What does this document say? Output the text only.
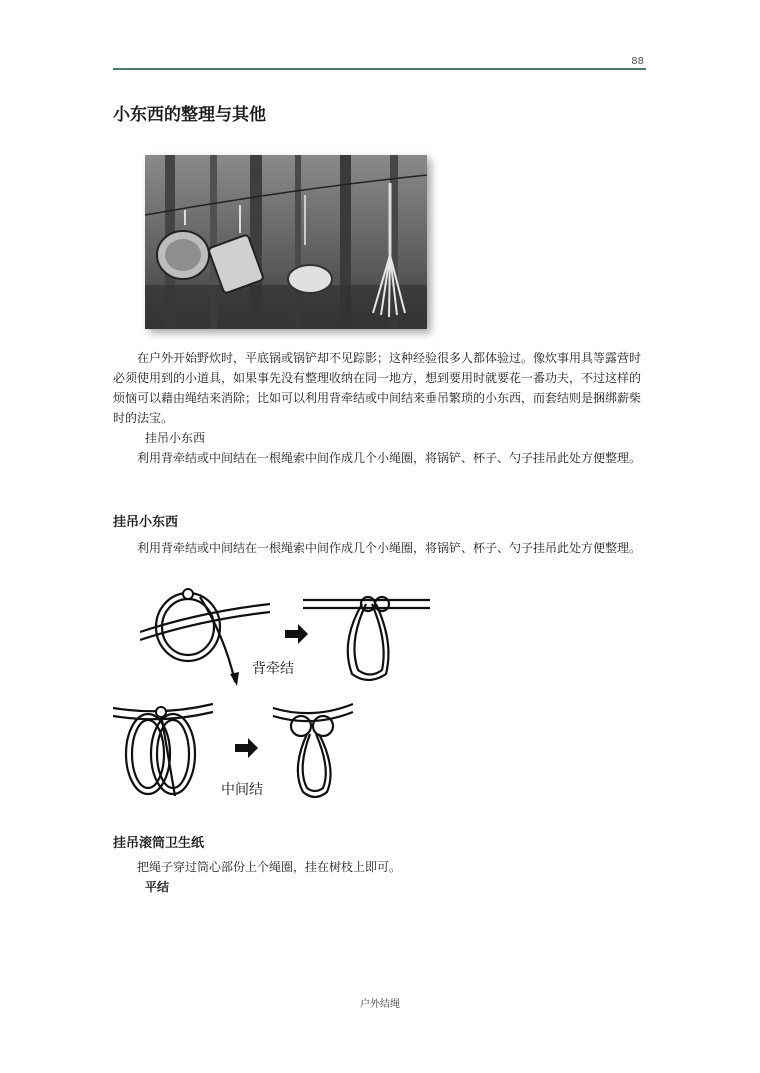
88
小东西的整理与其他

在户外开始野炊时，平底锅或锅铲却不见踪影；这种经验很多人都体验过。像炊事用具等露营时必须使用到的小道具，如果事先没有整理收纳在同一地方，想到要用时就要花一番功夫，不过这样的烦恼可以藉由绳结来消除；比如可以利用背牵结或中间结来垂吊繁琐的小东西，而套结则是捆绑薪柴时的法宝。

挂吊小东西

利用背牵结或中间结在一根绳索中间作成几个小绳圈，将锅铲、杯子、勺子挂吊此处方便整理。

挂吊小东西

利用背牵结或中间结在一根绳索中间作成几个小绳圈，将锅铲、杯子、勺子挂吊此处方便整理。

背牵结
中间结
挂吊滚筒卫生纸

把绳子穿过筒心部份上个绳圈，挂在树枝上即可。

平结
户外结绳
